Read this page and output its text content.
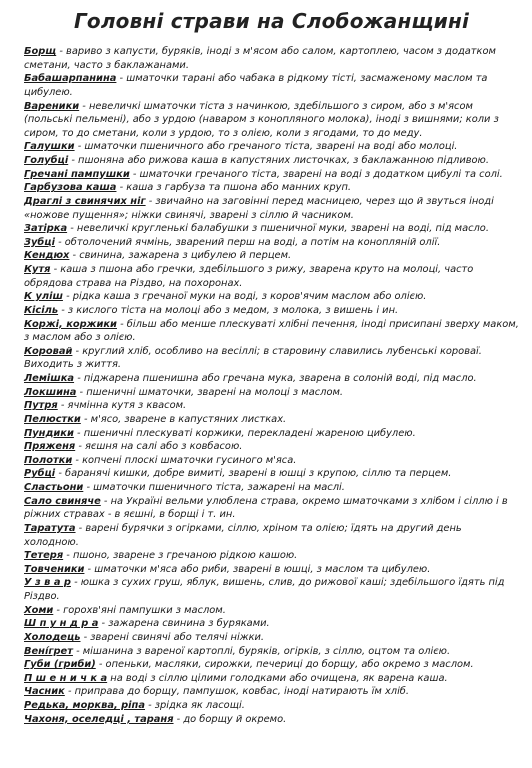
Головні страви на Слобожанщині

Борщ - вариво з капусти, буряків, іноді з м'ясом або салом, картоплею, часом з додатком сметани, часто з баклажанами.

Бабашарпанина - шматочки тарані або чабака в рідкому тісті, засмаженому маслом та цибулею.

Вареники - невеличкі шматочки тіста з начинкою, здебільшого з сиром, або з м'ясом (польські пельмені), або з урдою (наваром з конопляного молока), іноді з вишнями; коли з сиром, то до сметани, коли з урдою, то з олією, коли з ягодами, то до меду.

Галушки - шматочки пшеничного або гречаного тіста, зварені на воді або молоці.

Голубці - пшоняна або рижова каша в капустяних листочках, з баклажанною підливою.

Гречані пампушки - шматочки гречаного тіста, зварені на воді з додатком цибулі та солі.

Гарбузова каша - каша з гарбуза та пшона або манних круп.

Драглі з свинячих ніг - звичайно на заговінні перед масницею, через що й звуться іноді «ножове пущення»; ніжки свинячі, зварені з сіллю й часником.

Затірка - невеличкі кругленькі балабушки з пшеничної муки, зварені на воді, під масло.

Зубці - обтолочений ячмінь, зварений перш на воді, а потім на конопляній олії.

Кендюх - свинина, зажарена з цибулею й перцем.

Кутя - каша з пшона або гречки, здебільшого з рижу, зварена круто на молоці, часто обрядова страва на Різдво, на похоронах.

К уліш - рідка каша з гречаної муки на воді, з коров'ячим маслом або олією.

Кісіль - з кислого тіста на молоці або з медом, з молока, з вишень і ин.

Коржі, коржики - більш або менше плескуваті хлібні печення, іноді присипані зверху маком, з маслом або з олією.

Коровай - круглий хліб, особливо на весіллі; в старовину славились лубенські короваї. Виходить з життя.

Лемішка - піджарена пшенишна або гречана мука, зварена в солоній воді, під масло.

Локшина - пшеничні шматочки, зварені на молоці з маслом.

Путря - ячмінна кутя з квасом.

Пелюстки - м'ясо, зварене в капустяних листках.

Пундики - пшеничні плескуваті коржики, перекладені жареною цибулею.

Пряженя - яєшня на салі або з ковбасою.

Полотки - копчені плоскі шматочки гусиного м'яса.

Рубці - баранячі кишки, добре вимиті, зварені в юшці з крупою, сіллю та перцем.

Сластьони - шматочки пшеничного тіста, зажарені на маслі.

Сало свиняче - на Україні вельми улюблена страва, окремо шматочками з хлібом і сіллю і в ріжних стравах - в яєшні, в борщі і т. ин.

Таратута - варені бурячки з огірками, сіллю, хріном та олією; їдять на другий день холодною.

Тетеря - пшоно, зварене з гречаною рідкою кашою.

Товченики - шматочки м'яса або риби, зварені в юшці, з маслом та цибулею.

У з в а р - юшка з сухих груш, яблук, вишень, слив, до рижової каші; здебільшого їдять під Різдво.

Хоми - горохв'яні пампушки з маслом.

Ш п у н д р а - зажарена свинина з буряками.

Холодець - зварені свинячі або телячі ніжки.

Вені́грет - мішанина з вареної картоплі, буряків, огірків, з сіллю, оцтом та олією.

Губи (гриби) - опеньки, масляки, сирожки, печериці до борщу, або окремо з маслом.

П ш е н и ч к а на воді з сіллю цілими голодками або очищена, як варена каша.

Часник - приправа до борщу, пампушок, ковбас, іноді натирають їм хліб.

Редька, морква, ріпа - зрідка як ласощі.

Чахоня, оселедці , тараня - до борщу й окремо.
